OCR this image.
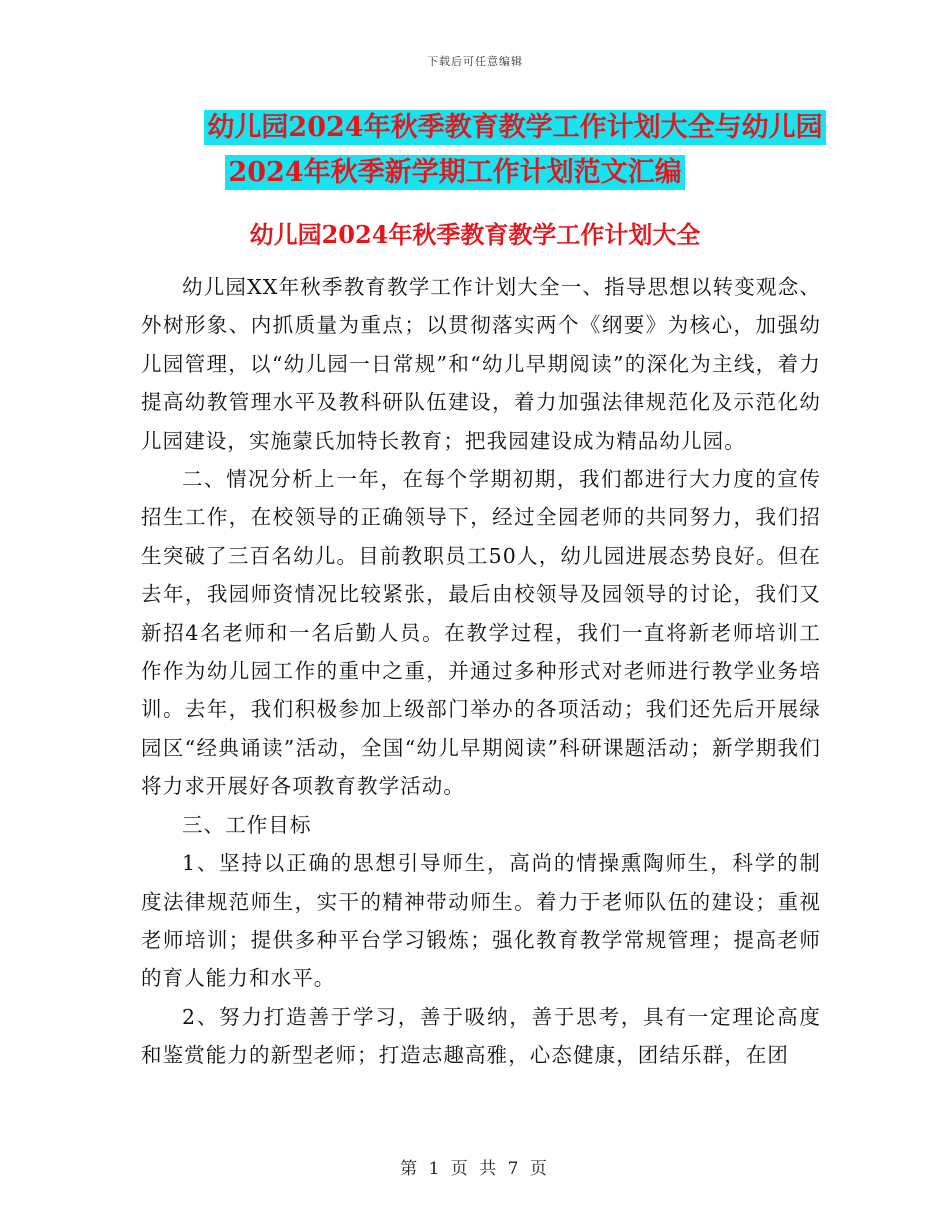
下载后可任意编辑
幼儿园2024年秋季教育教学工作计划大全与幼儿园
2024年秋季新学期工作计划范文汇编
幼儿园2024年秋季教育教学工作计划大全

幼儿园XX年秋季教育教学工作计划大全一、指导思想以转变观念、外树形象、内抓质量为重点；以贯彻落实两个《纲要》为核心，加强幼儿园管理，以“幼儿园一日常规”和“幼儿早期阅读”的深化为主线，着力提高幼教管理水平及教科研队伍建设，着力加强法律规范化及示范化幼儿园建设，实施蒙氏加特长教育；把我园建设成为精品幼儿园。

二、情况分析上一年，在每个学期初期，我们都进行大力度的宣传招生工作，在校领导的正确领导下，经过全园老师的共同努力，我们招生突破了三百名幼儿。目前教职员工50人，幼儿园进展态势良好。但在去年，我园师资情况比较紧张，最后由校领导及园领导的讨论，我们又新招4名老师和一名后勤人员。在教学过程，我们一直将新老师培训工作作为幼儿园工作的重中之重，并通过多种形式对老师进行教学业务培训。去年，我们积极参加上级部门举办的各项活动；我们还先后开展绿园区“经典诵读”活动，全国“幼儿早期阅读”科研课题活动；新学期我们将力求开展好各项教育教学活动。

三、工作目标

1、坚持以正确的思想引导师生，高尚的情操熏陶师生，科学的制度法律规范师生，实干的精神带动师生。着力于老师队伍的建设；重视老师培训；提供多种平台学习锻炼；强化教育教学常规管理；提高老师的育人能力和水平。

2、努力打造善于学习，善于吸纳，善于思考，具有一定理论高度和鉴赏能力的新型老师；打造志趣高雅，心态健康，团结乐群，在团

第 1 页 共 7 页
